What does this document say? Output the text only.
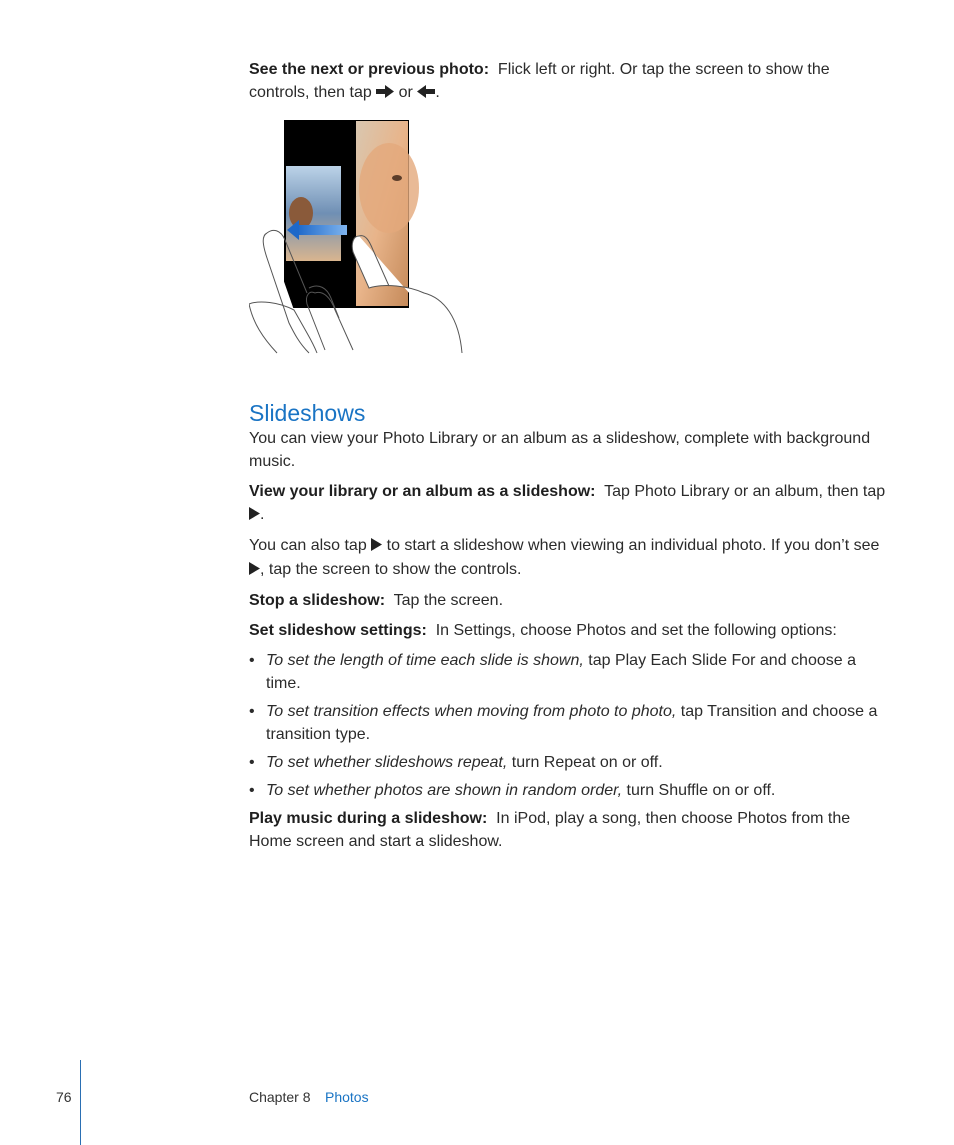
See the next or previous photo: Flick left or right. Or tap the screen to show the controls, then tap or .

Slideshows

You can view your Photo Library or an album as a slideshow, complete with background music.

View your library or an album as a slideshow: Tap Photo Library or an album, then tap .

You can also tap to start a slideshow when viewing an individual photo. If you don’t see , tap the screen to show the controls.

Stop a slideshow: Tap the screen.

Set slideshow settings: In Settings, choose Photos and set the following options:

• To set the length of time each slide is shown, tap Play Each Slide For and choose a time.
• To set transition effects when moving from photo to photo, tap Transition and choose a transition type.
• To set whether slideshows repeat, turn Repeat on or off.
• To set whether photos are shown in random order, turn Shuffle on or off.

Play music during a slideshow: In iPod, play a song, then choose Photos from the Home screen and start a slideshow.

76	Chapter 8 Photos
